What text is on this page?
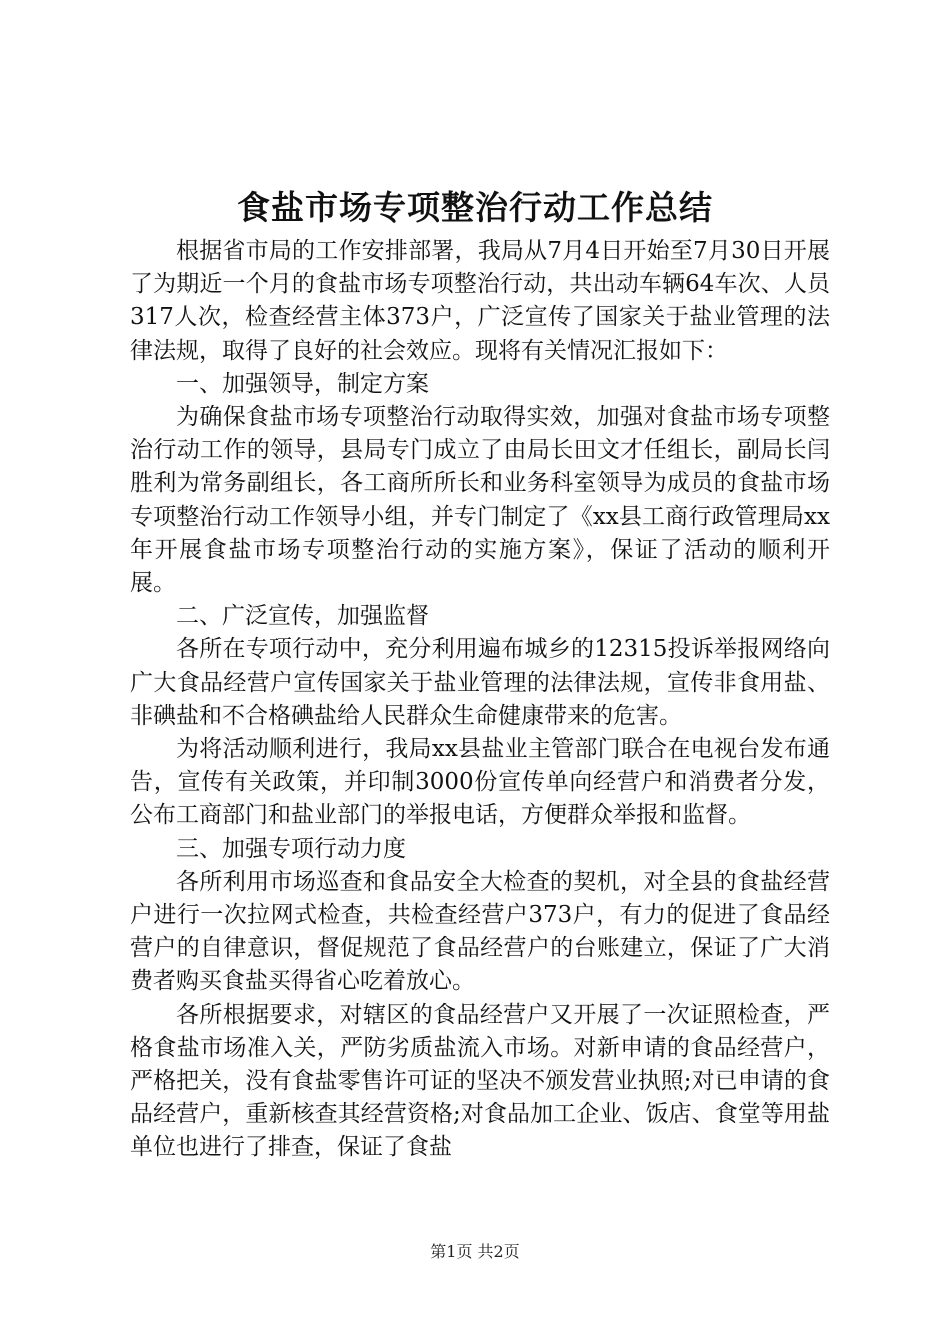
食盐市场专项整治行动工作总结

根据省市局的工作安排部署，我局从7月4日开始至7月30日开展了为期近一个月的食盐市场专项整治行动，共出动车辆64车次、人员317人次，检查经营主体373户，广泛宣传了国家关于盐业管理的法律法规，取得了良好的社会效应。现将有关情况汇报如下：

一、加强领导，制定方案

为确保食盐市场专项整治行动取得实效，加强对食盐市场专项整治行动工作的领导，县局专门成立了由局长田文才任组长，副局长闫胜利为常务副组长，各工商所所长和业务科室领导为成员的食盐市场专项整治行动工作领导小组，并专门制定了《xx县工商行政管理局xx年开展食盐市场专项整治行动的实施方案》，保证了活动的顺利开展。

二、广泛宣传，加强监督

各所在专项行动中，充分利用遍布城乡的12315投诉举报网络向广大食品经营户宣传国家关于盐业管理的法律法规，宣传非食用盐、非碘盐和不合格碘盐给人民群众生命健康带来的危害。

为将活动顺利进行，我局xx县盐业主管部门联合在电视台发布通告，宣传有关政策，并印制3000份宣传单向经营户和消费者分发，公布工商部门和盐业部门的举报电话，方便群众举报和监督。

三、加强专项行动力度

各所利用市场巡查和食品安全大检查的契机，对全县的食盐经营户进行一次拉网式检查，共检查经营户373户，有力的促进了食品经营户的自律意识，督促规范了食品经营户的台账建立，保证了广大消费者购买食盐买得省心吃着放心。

各所根据要求，对辖区的食品经营户又开展了一次证照检查，严格食盐市场准入关，严防劣质盐流入市场。对新申请的食品经营户，严格把关，没有食盐零售许可证的坚决不颁发营业执照;对已申请的食品经营户，重新核查其经营资格;对食品加工企业、饭店、食堂等用盐单位也进行了排查，保证了食盐

第1页 共2页
